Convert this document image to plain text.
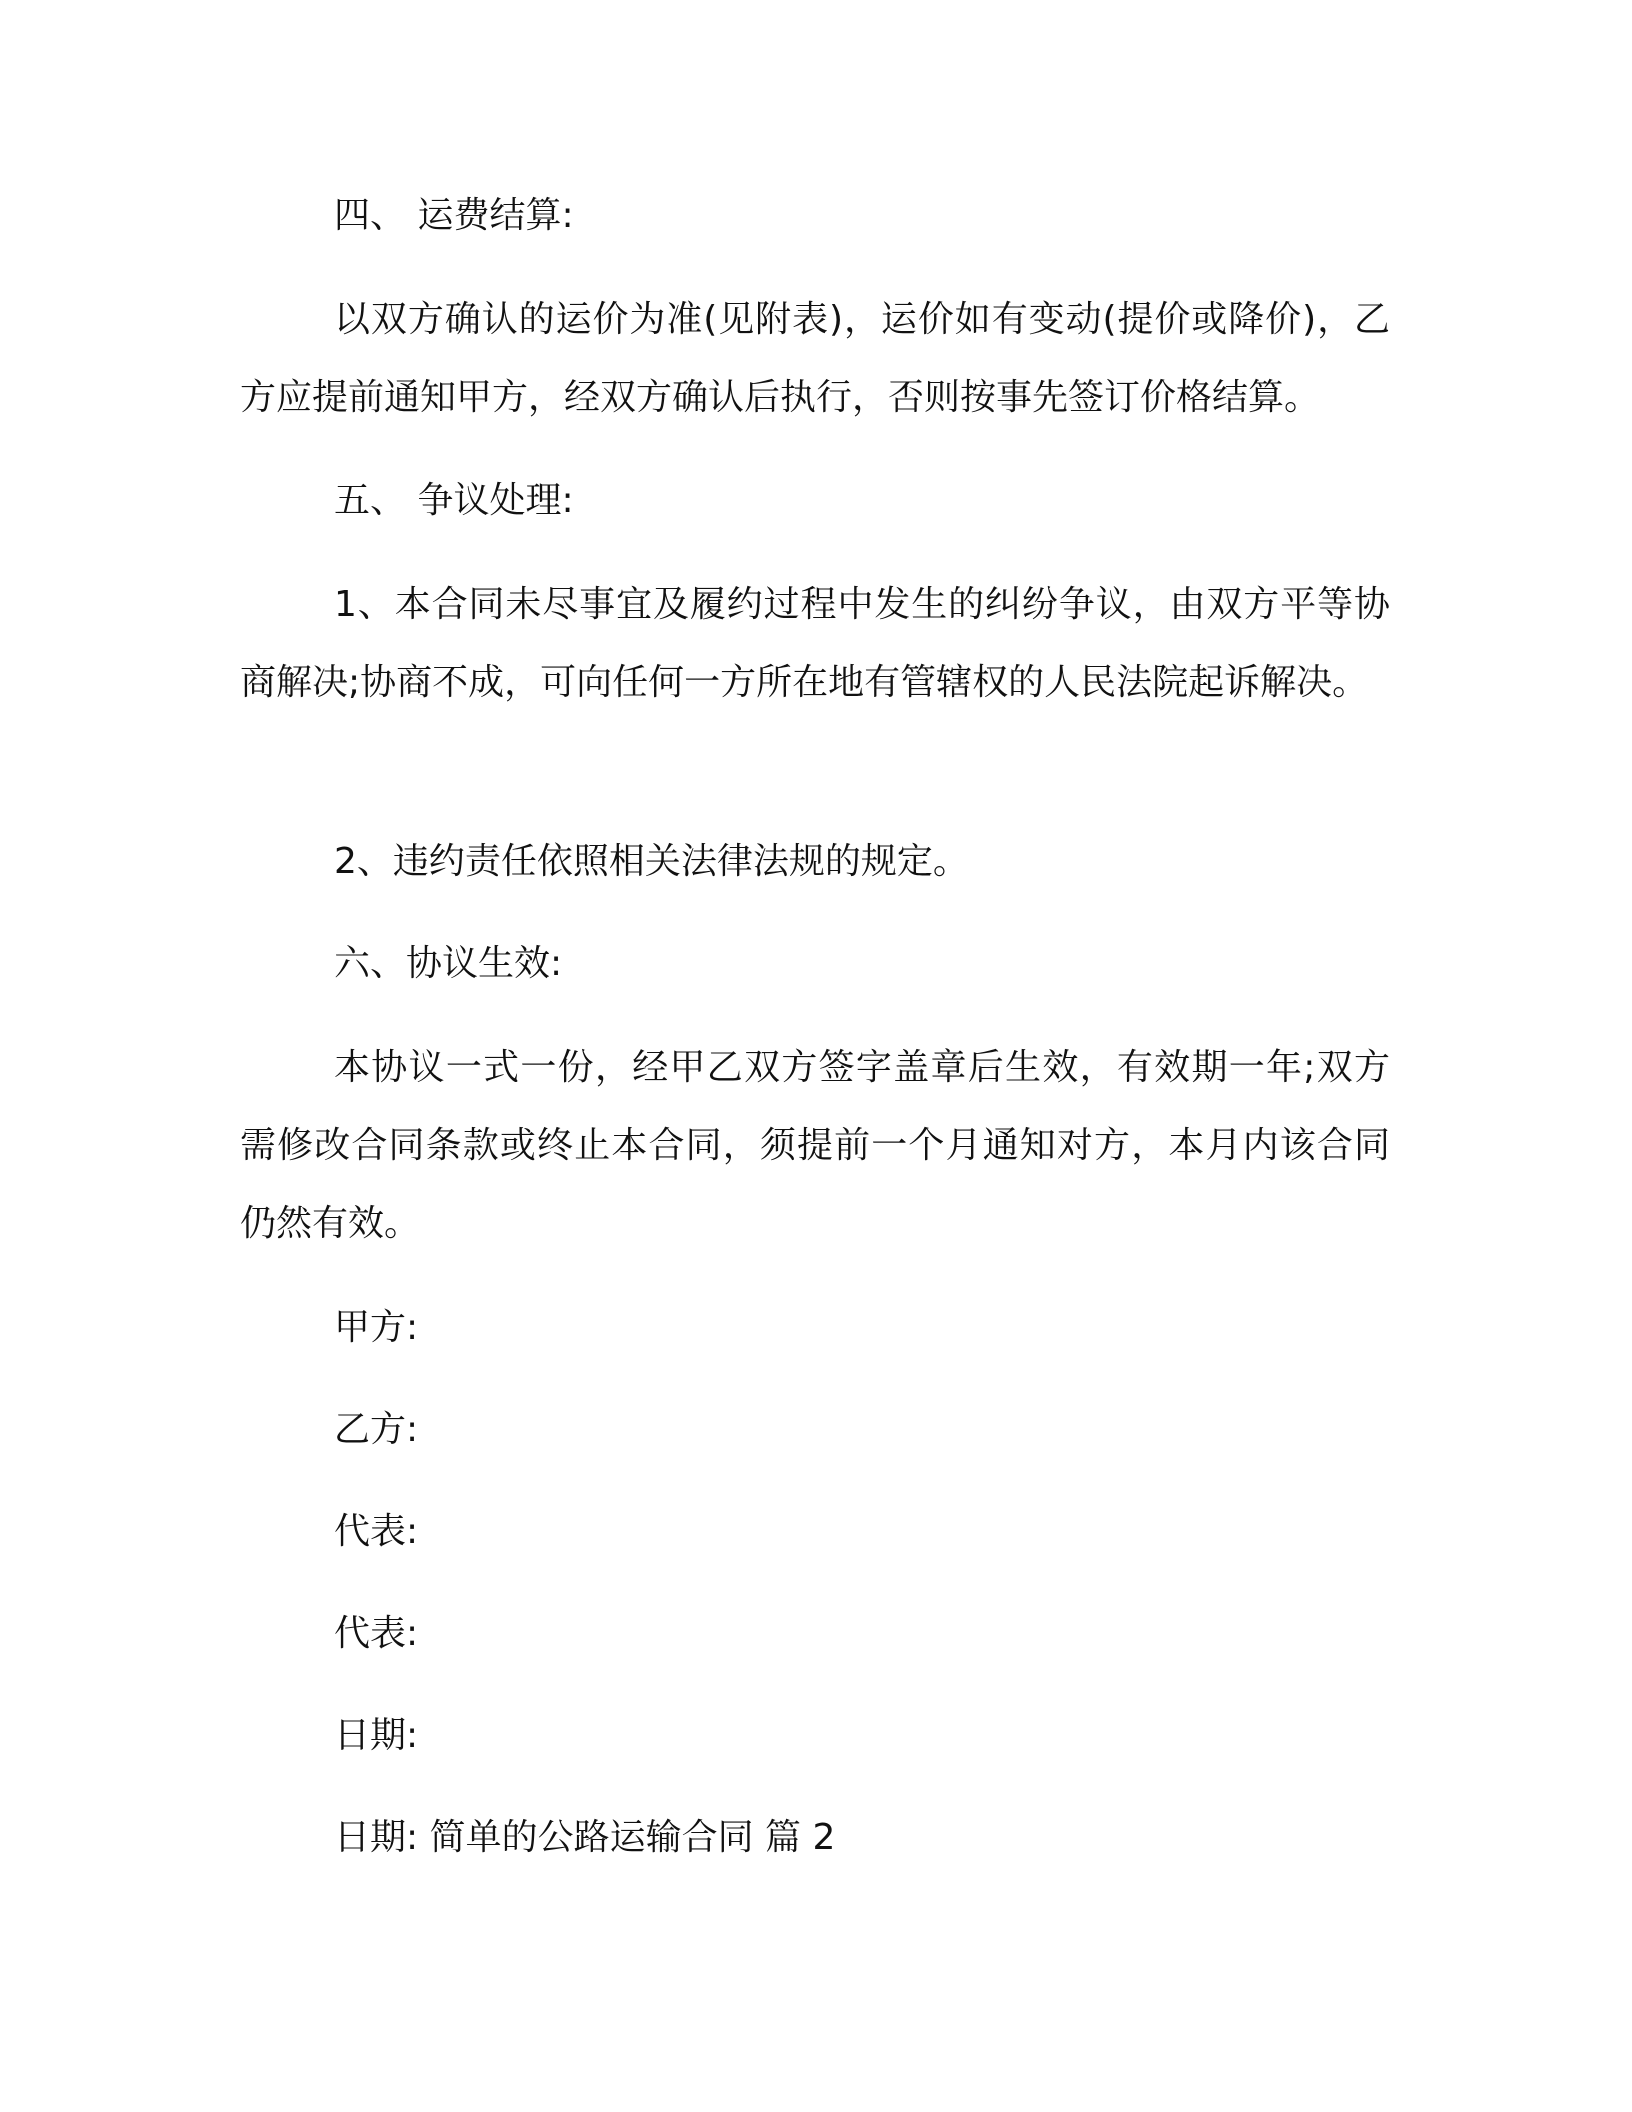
四、 运费结算:
以双方确认的运价为准(见附表)，运价如有变动(提价或降价)，乙方应提前通知甲方，经双方确认后执行，否则按事先签订价格结算。
五、 争议处理:
1、本合同未尽事宜及履约过程中发生的纠纷争议，由双方平等协商解决;协商不成，可向任何一方所在地有管辖权的人民法院起诉解决。
2、违约责任依照相关法律法规的规定。
六、协议生效:
本协议一式一份，经甲乙双方签字盖章后生效，有效期一年;双方需修改合同条款或终止本合同，须提前一个月通知对方，本月内该合同仍然有效。
甲方:
乙方:
代表:
代表:
日期:
日期: 简单的公路运输合同 篇 2
